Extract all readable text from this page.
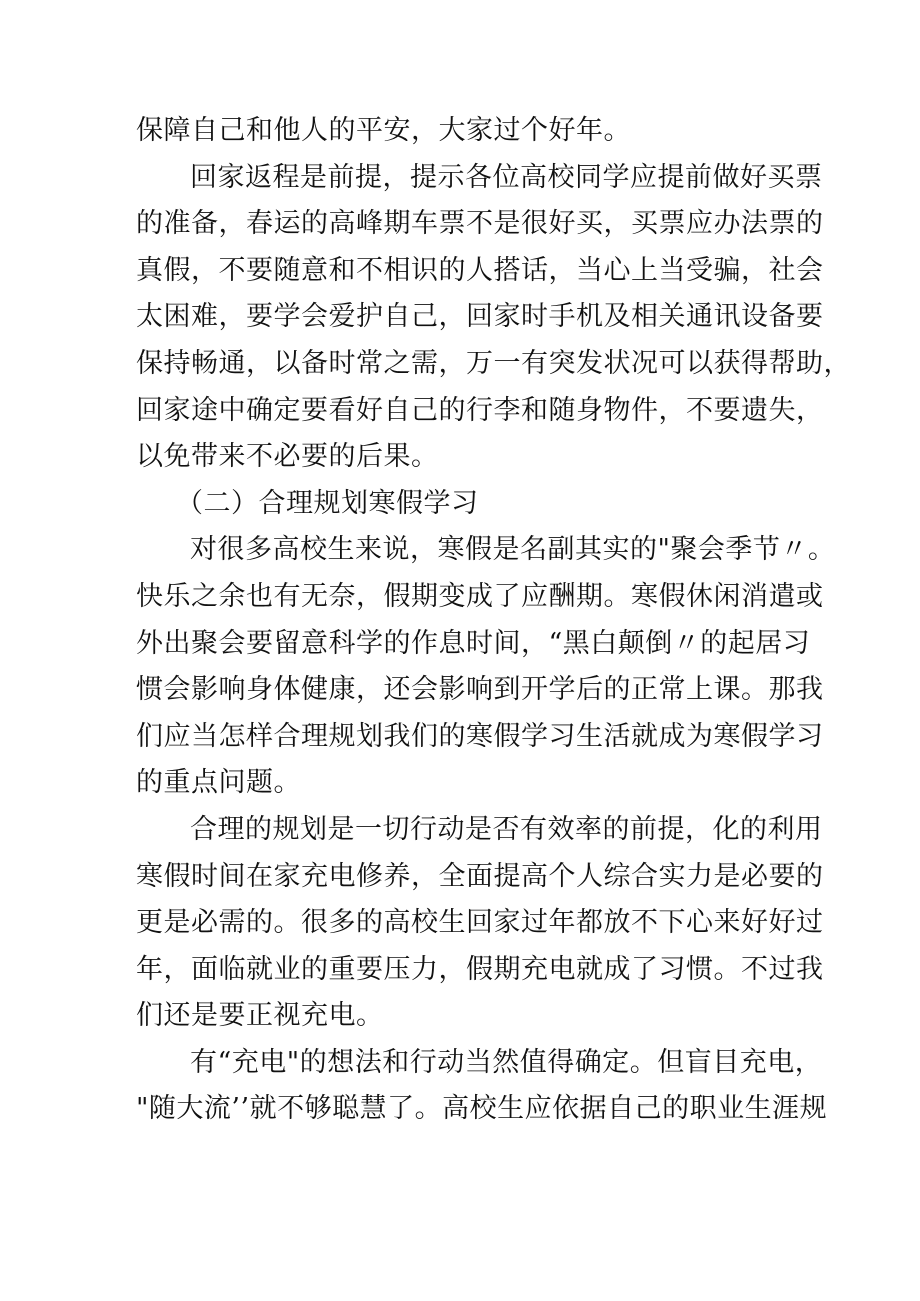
保障自己和他人的平安，大家过个好年。
回家返程是前提，提示各位高校同学应提前做好买票
的准备，春运的高峰期车票不是很好买，买票应办法票的
真假，不要随意和不相识的人搭话，当心上当受骗，社会
太困难，要学会爱护自己，回家时手机及相关通讯设备要
保持畅通，以备时常之需，万一有突发状况可以获得帮助，
回家途中确定要看好自己的行李和随身物件，不要遗失，
以免带来不必要的后果。
（二）合理规划寒假学习
对很多高校生来说，寒假是名副其实的"聚会季节〃。
快乐之余也有无奈，假期变成了应酬期。寒假休闲消遣或
外出聚会要留意科学的作息时间，“黑白颠倒〃的起居习
惯会影响身体健康，还会影响到开学后的正常上课。那我
们应当怎样合理规划我们的寒假学习生活就成为寒假学习
的重点问题。
合理的规划是一切行动是否有效率的前提，化的利用
寒假时间在家充电修养，全面提高个人综合实力是必要的
更是必需的。很多的高校生回家过年都放不下心来好好过
年，面临就业的重要压力，假期充电就成了习惯。不过我
们还是要正视充电。
有“充电"的想法和行动当然值得确定。但盲目充电，
"随大流’’就不够聪慧了。高校生应依据自己的职业生涯规
